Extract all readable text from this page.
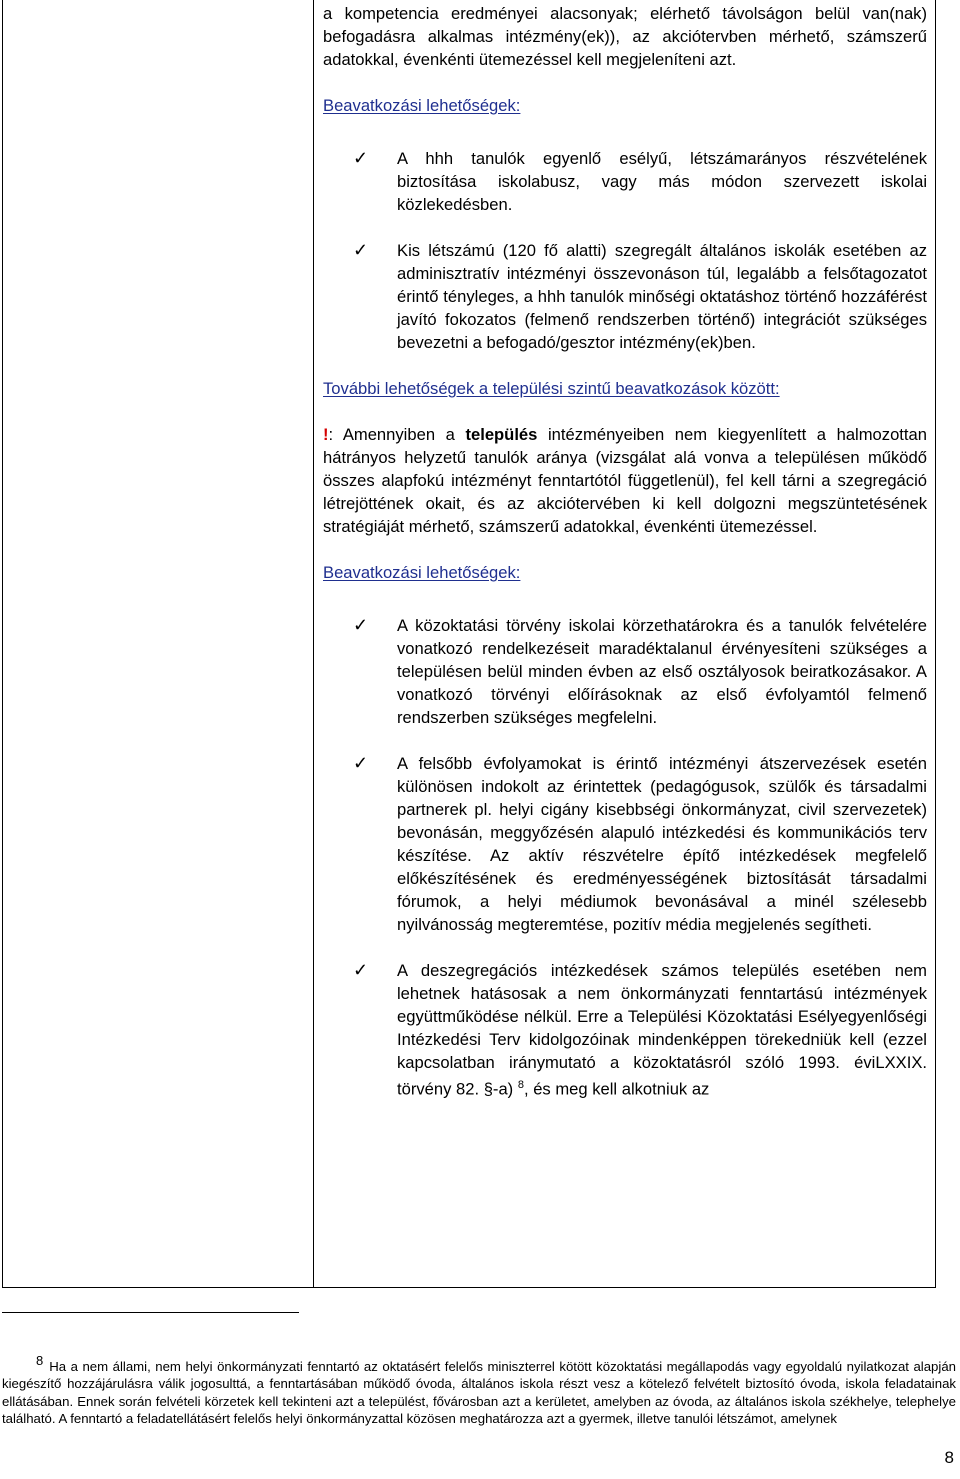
a kompetencia eredményei alacsonyak; elérhető távolságon belül van(nak) befogadásra alkalmas intézmény(ek)), az akciótervben mérhető, számszerű adatokkal, évenkénti ütemezéssel kell megjeleníteni azt.

Beavatkozási lehetőségek:

✓ A hhh tanulók egyenlő esélyű, létszámarányos részvételének biztosítása iskolabusz, vagy más módon szervezett iskolai közlekedésben.

✓ Kis létszámú (120 fő alatti) szegregált általános iskolák esetében az adminisztratív intézményi összevonáson túl, legalább a felsőtagozatot érintő tényleges, a hhh tanulók minőségi oktatáshoz történő hozzáférést javító fokozatos (felmenő rendszerben történő) integrációt szükséges bevezetni a befogadó/gesztor intézmény(ek)ben.

További lehetőségek a települési szintű beavatkozások között:

!: Amennyiben a település intézményeiben nem kiegyenlített a halmozottan hátrányos helyzetű tanulók aránya (vizsgálat alá vonva a településen működő összes alapfokú intézményt fenntartótól függetlenül), fel kell tárni a szegregáció létrejöttének okait, és az akciótervében ki kell dolgozni megszüntetésének stratégiáját mérhető, számszerű adatokkal, évenkénti ütemezéssel.

Beavatkozási lehetőségek:

✓ A közoktatási törvény iskolai körzethatárokra és a tanulók felvételére vonatkozó rendelkezéseit maradéktalanul érvényesíteni szükséges a településen belül minden évben az első osztályosok beiratkozásakor. A vonatkozó törvényi előírásoknak az első évfolyamtól felmenő rendszerben szükséges megfelelni.

✓ A felsőbb évfolyamokat is érintő intézményi átszervezések esetén különösen indokolt az érintettek (pedagógusok, szülők és társadalmi partnerek pl. helyi cigány kisebbségi önkormányzat, civil szervezetek) bevonásán, meggyőzésén alapuló intézkedési és kommunikációs terv készítése. Az aktív részvételre építő intézkedések megfelelő előkészítésének és eredményességének biztosítását társadalmi fórumok, a helyi médiumok bevonásával a minél szélesebb nyilvánosság megteremtése, pozitív média megjelenés segítheti.

✓ A deszegregációs intézkedések számos település esetében nem lehetnek hatásosak a nem önkormányzati fenntartású intézmények együttműködése nélkül. Erre a Települési Közoktatási Esélyegyenlőségi Intézkedési Terv kidolgozóinak mindenképpen törekedniük kell (ezzel kapcsolatban iránymutató a közoktatásról szóló 1993. éviLXXIX. törvény 82. §-a) $^8$, és meg kell alkotniuk az

$^8$ Ha a nem állami, nem helyi önkormányzati fenntartó az oktatásért felelős miniszterrel kötött közoktatási megállapodás vagy egyoldalú nyilatkozat alapján kiegészítő hozzájárulásra válik jogosulttá, a fenntartásában működő óvoda, általános iskola részt vesz a kötelező felvételt biztosító óvoda, iskola feladatainak ellátásában. Ennek során felvételi körzetek kell tekinteni azt a települést, fővárosban azt a kerületet, amelyben az óvoda, az általános iskola székhelye, telephelye található. A fenntartó a feladatellátásért felelős helyi önkormányzattal közösen meghatározza azt a gyermek, illetve tanulói létszámot, amelynek
8
